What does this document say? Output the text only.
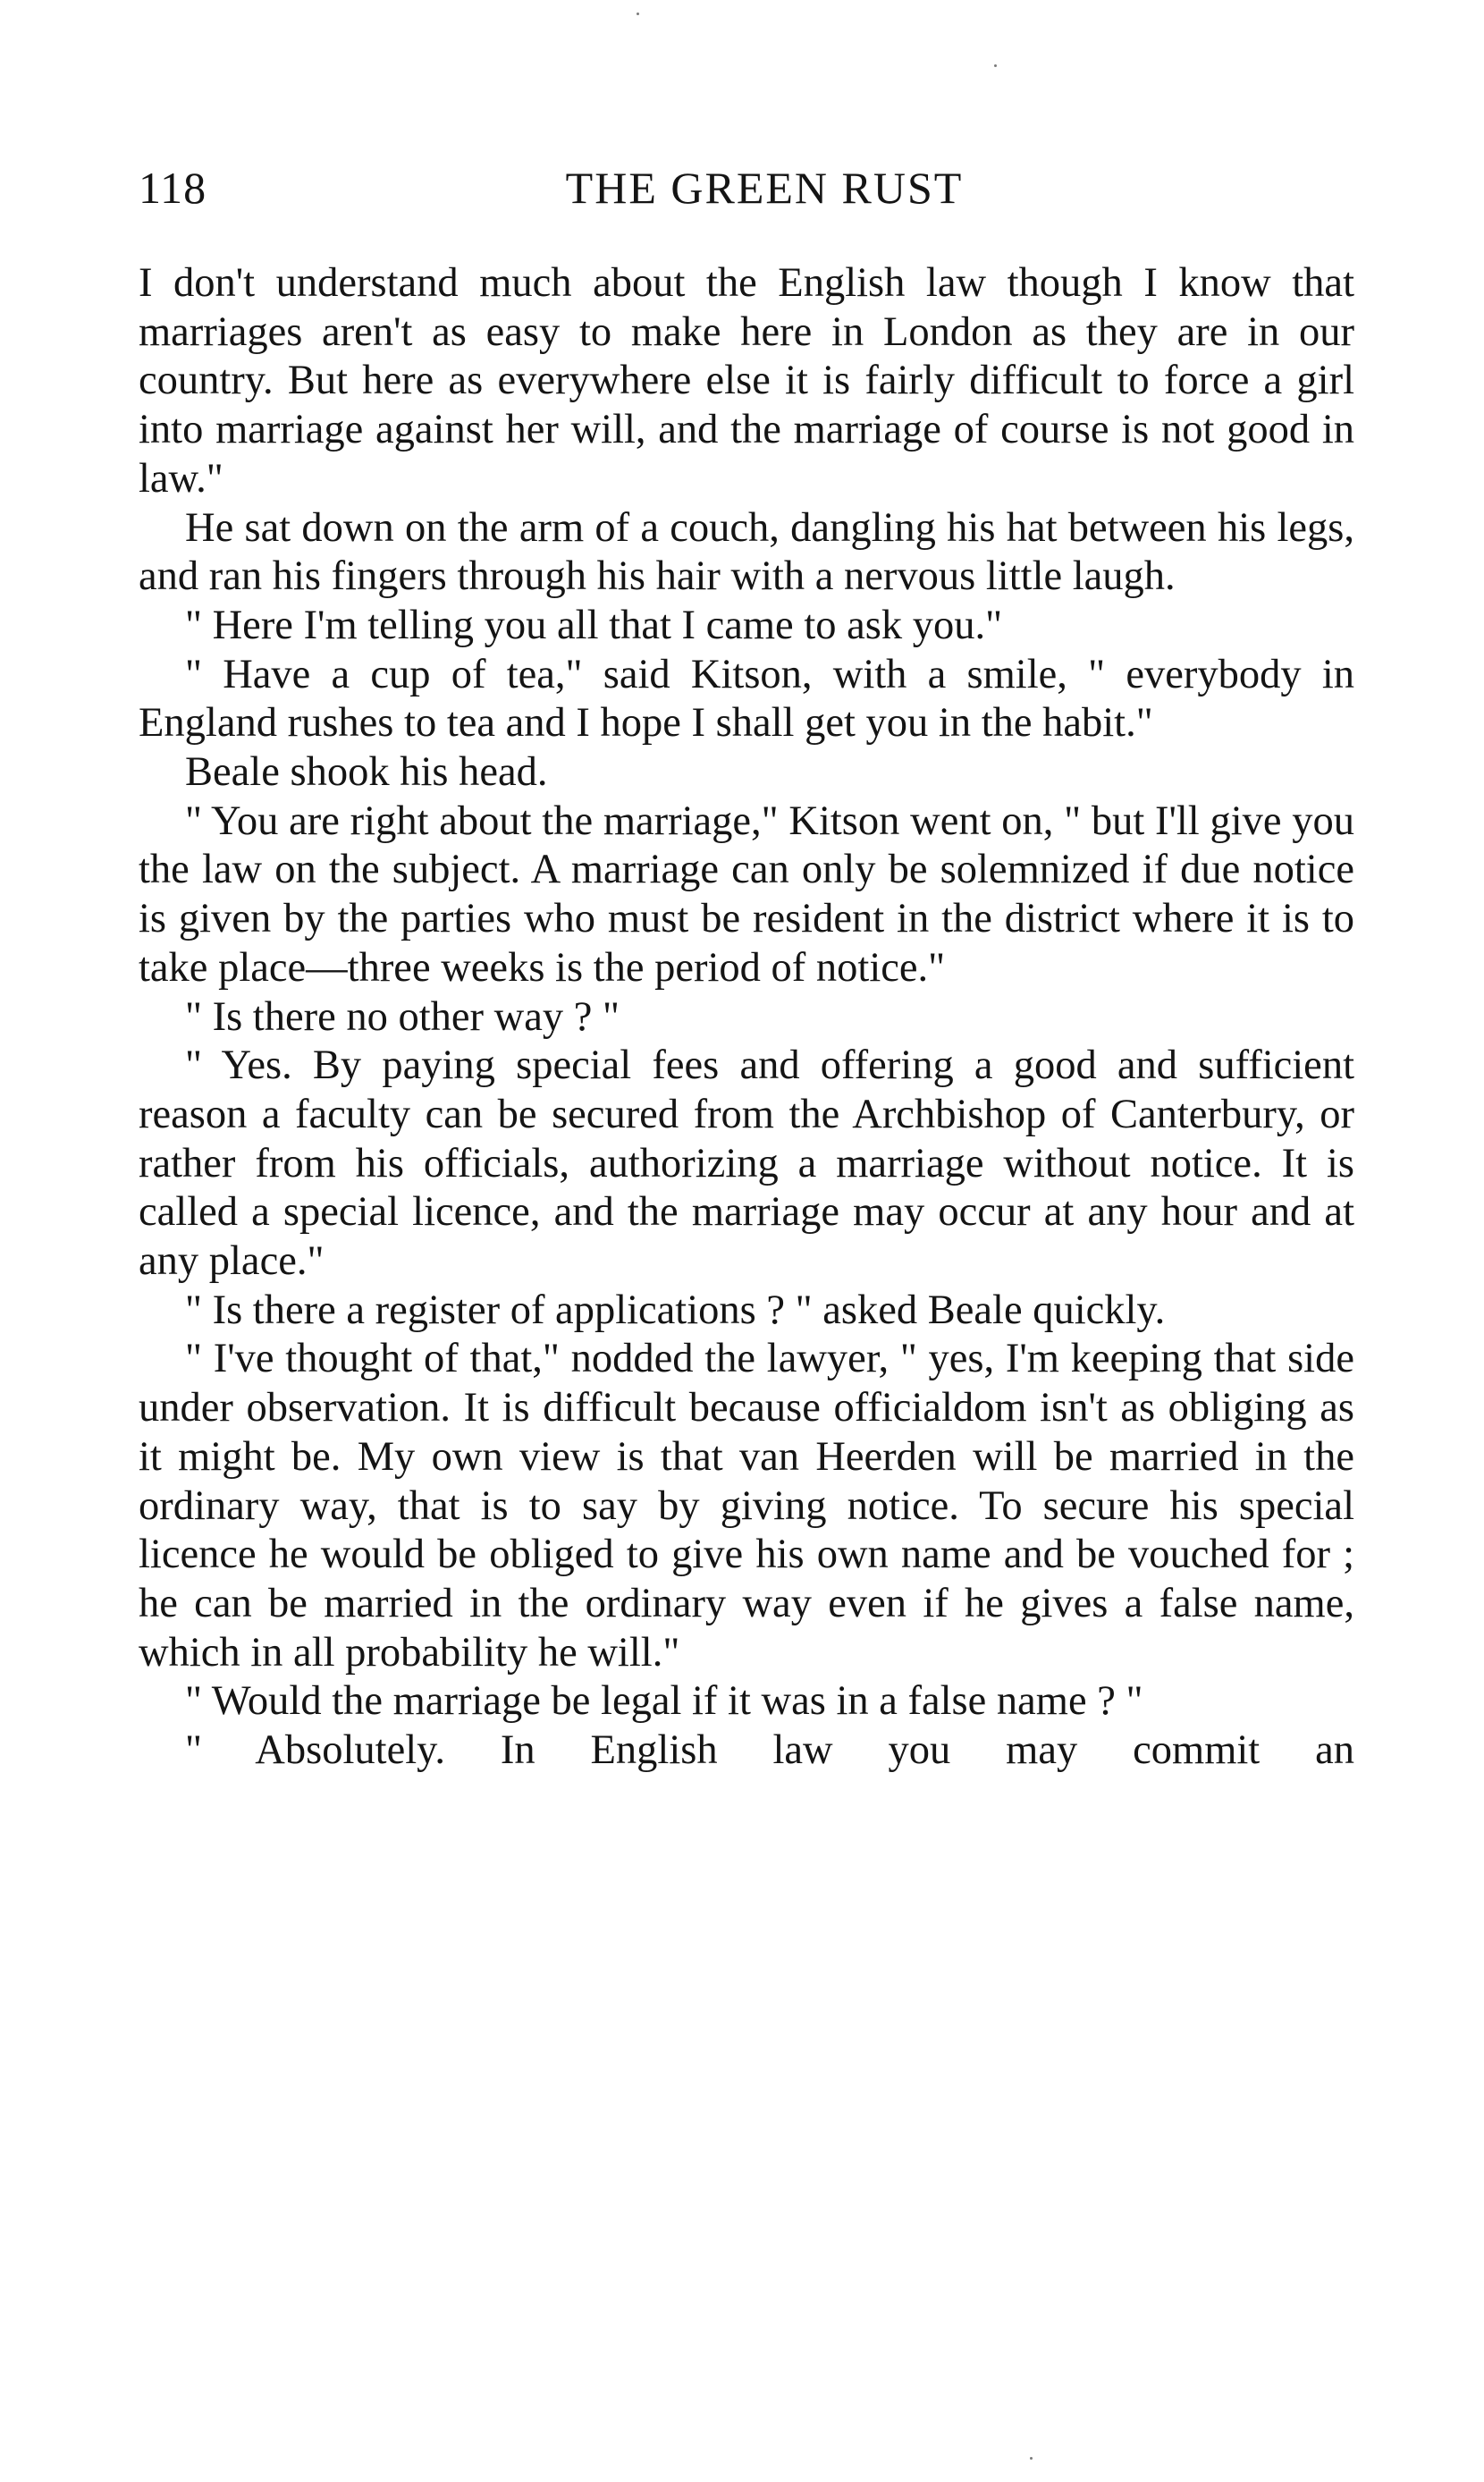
118	THE GREEN RUST

I don't understand much about the English law though I know that marriages aren't as easy to make here in London as they are in our country. But here as everywhere else it is fairly difficult to force a girl into marriage against her will, and the marriage of course is not good in law."

He sat down on the arm of a couch, dangling his hat between his legs, and ran his fingers through his hair with a nervous little laugh.

" Here I'm telling you all that I came to ask you."

" Have a cup of tea," said Kitson, with a smile, " everybody in England rushes to tea and I hope I shall get you in the habit."

Beale shook his head.

" You are right about the marriage," Kitson went on, " but I'll give you the law on the subject. A marriage can only be solemnized if due notice is given by the parties who must be resident in the district where it is to take place—three weeks is the period of notice."

" Is there no other way ? "

" Yes. By paying special fees and offering a good and sufficient reason a faculty can be secured from the Archbishop of Canterbury, or rather from his officials, authorizing a marriage without notice. It is called a special licence, and the marriage may occur at any hour and at any place."

" Is there a register of applications ? " asked Beale quickly.

" I've thought of that," nodded the lawyer, " yes, I'm keeping that side under observation. It is difficult because officialdom isn't as obliging as it might be. My own view is that van Heerden will be married in the ordinary way, that is to say by giving notice. To secure his special licence he would be obliged to give his own name and be vouched for ; he can be married in the ordinary way even if he gives a false name, which in all probability he will."

" Would the marriage be legal if it was in a false name ? "

" Absolutely. In English law you may commit an
